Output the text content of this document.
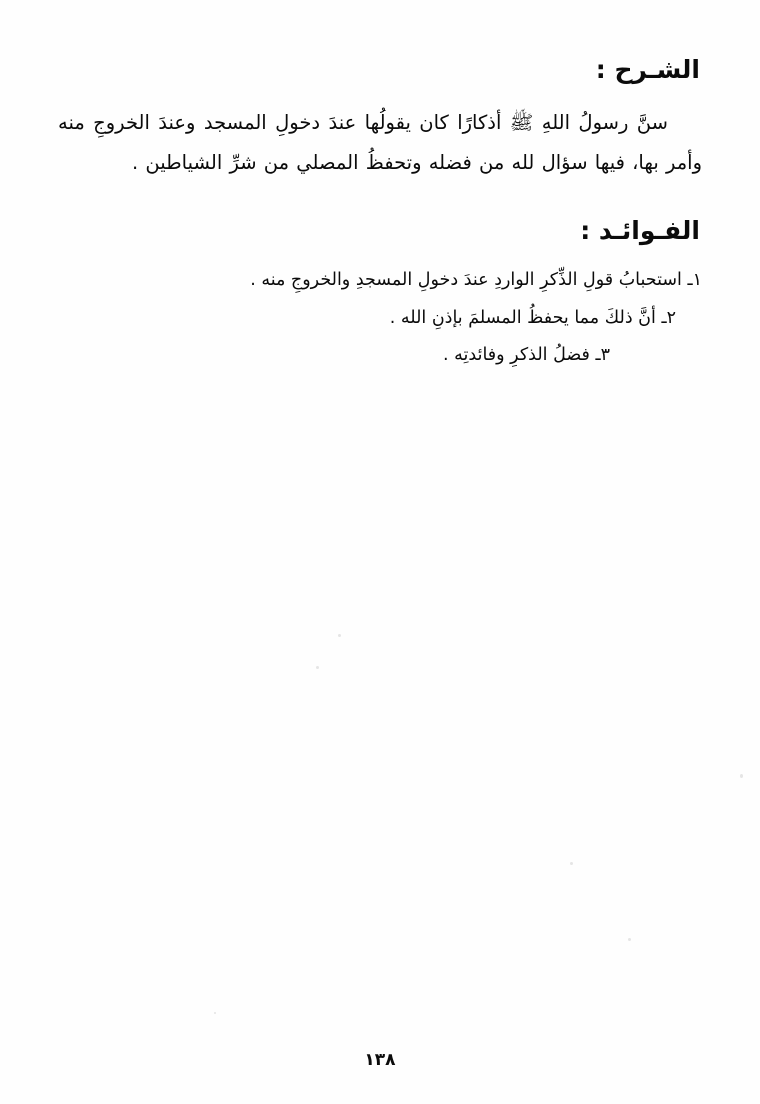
الشـرح :

سنَّ رسولُ اللهِ ﷺ أذكارًا كان يقولُها عندَ دخولِ المسجد وعندَ الخروجِ منه وأمر بها، فيها سؤال لله من فضله وتحفظُ المصلي من شرِّ الشياطين .

الفـوائـد :
١ـ استحبابُ قولِ الذِّكرِ الواردِ عندَ دخولِ المسجدِ والخروجِ منه .
٢ـ أنَّ ذلكَ مما يحفظُ المسلمَ بإذنِ الله .
٣ـ فضلُ الذكرِ وفائدتِه .
١٣٨
